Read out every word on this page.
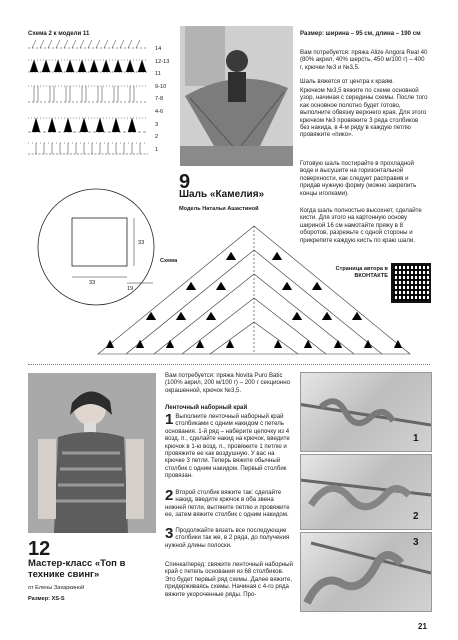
Схема 2 к модели 11
14
12-13
11
9-10
7-8
4-6
3
2
1
33
33
19
9
Шаль «Камелия»
Модель Натальи Ашастиной
Размер: ширина – 95 см, длина – 190 см
Вам потребуется: пряжа Alize Angora Real 40 (80% акрил, 40% шерсть, 450 м/100 г) – 400 г, крючки №3 и №3,5.
Шаль вяжется от центра к краям.
Крючком №3,5 вяжите по схеме основной узор, начиная с середины схемы. После того как основное полотно будет готово, выполните обвязку верхнего края. Для этого крючком №3 провяжите 3 ряда столбиков без накида, в 4-м ряду в каждую петлю провяжите «пико».
Готовую шаль постирайте в прохладной воде и высушите на горизонтальной поверхности, как следует расправив и придав нужную форму (можно закрепить концы иголками).
Когда шаль полностью высохнет, сделайте кисти. Для этого на картонную основу шириной 16 см намотайте пряжу в 8 оборотов, разрежьте с одной стороны и прикрепите каждую кисть по краю шали.
Страница автора в ВКОНТАКТЕ
Схема
12
Мастер-класс «Топ в технике свинг»
от Елены Захаркиной
Размер: XS-S
Вам потребуется: пряжа Novita Puro Batic (100% акрил, 200 м/100 г) – 200 г секционно окрашенной, крючок №3,5.
Ленточный наборный край
1 Выполните ленточный наборный край столбиками с одним накидом с петель основания. 1-й ряд – наберите цепочку из 4 возд. п., сделайте накид на крючок, введите крючок в 1-ю возд. п., провяжите 1 петлю и провяжите ее как воздушную. У вас на крючке 3 петли. Теперь вяжите обычный столбик с одним накидом. Первый столбик провязан.
2 Второй столбик вяжите так: сделайте накид, введите крючок в оба звена нижней петли, вытяните петлю и провяжите ее, затем вяжите столбик с одним накидом.
3 Продолжайте вязать все последующие столбики так же, в 2 ряда, до получения нужной длины полоски.
Спинка/перед: свяжите ленточный наборный край с петель основания из 68 столбиков. Это будет первый ряд схемы. Далее вяжите, придерживаясь схемы. Начиная с 4-го ряда вяжите укороченные ряды. Про-
1
2
3
21
